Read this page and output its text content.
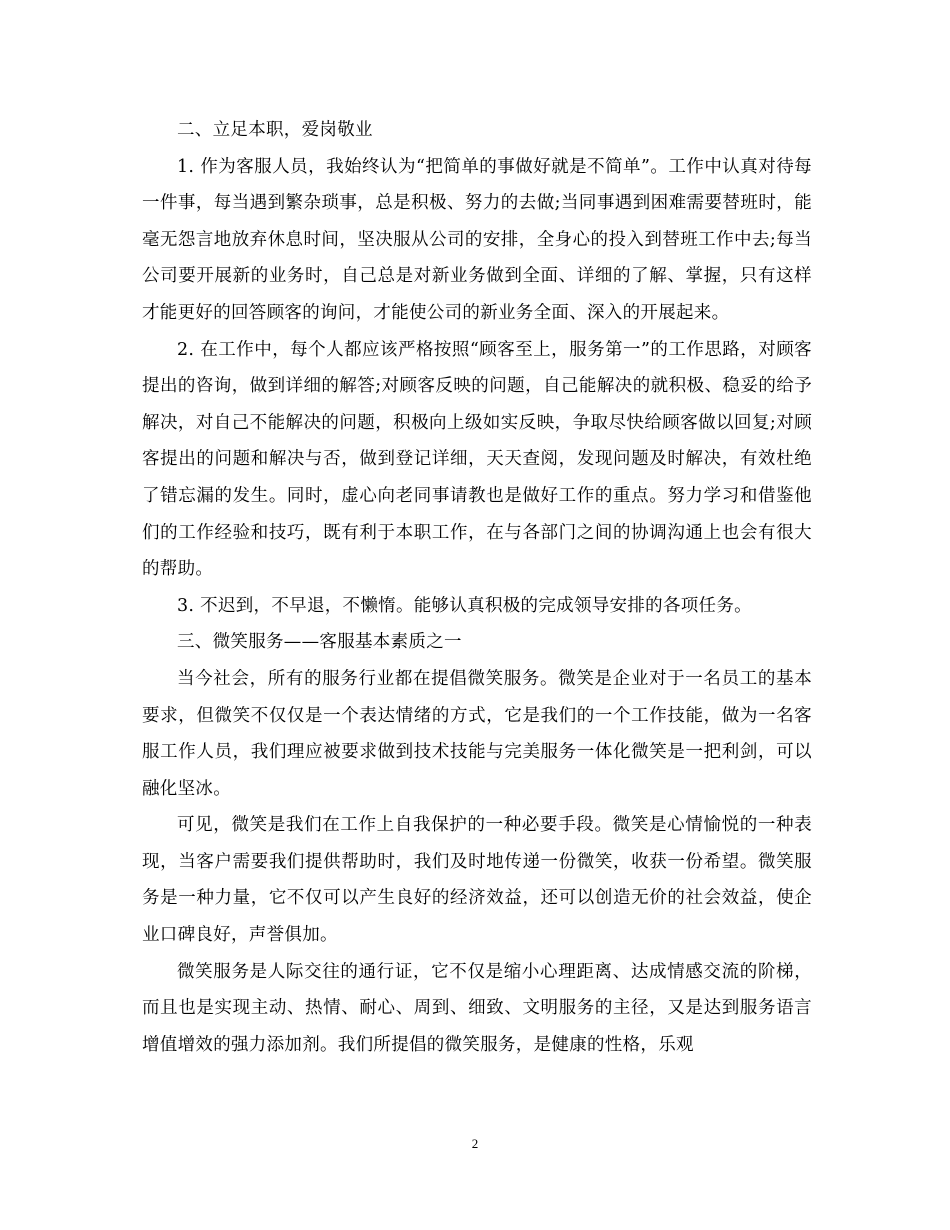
二、立足本职，爱岗敬业

1. 作为客服人员，我始终认为“把简单的事做好就是不简单”。工作中认真对待每一件事，每当遇到繁杂琐事，总是积极、努力的去做;当同事遇到困难需要替班时，能毫无怨言地放弃休息时间，坚决服从公司的安排，全身心的投入到替班工作中去;每当公司要开展新的业务时，自己总是对新业务做到全面、详细的了解、掌握，只有这样才能更好的回答顾客的询问，才能使公司的新业务全面、深入的开展起来。

2. 在工作中，每个人都应该严格按照“顾客至上，服务第一”的工作思路，对顾客提出的咨询，做到详细的解答;对顾客反映的问题，自己能解决的就积极、稳妥的给予解决，对自己不能解决的问题，积极向上级如实反映，争取尽快给顾客做以回复;对顾客提出的问题和解决与否，做到登记详细，天天查阅，发现问题及时解决，有效杜绝了错忘漏的发生。同时，虚心向老同事请教也是做好工作的重点。努力学习和借鉴他们的工作经验和技巧，既有利于本职工作，在与各部门之间的协调沟通上也会有很大的帮助。

3. 不迟到，不早退，不懒惰。能够认真积极的完成领导安排的各项任务。

三、微笑服务——客服基本素质之一

当今社会，所有的服务行业都在提倡微笑服务。微笑是企业对于一名员工的基本要求，但微笑不仅仅是一个表达情绪的方式，它是我们的一个工作技能，做为一名客服工作人员，我们理应被要求做到技术技能与完美服务一体化微笑是一把利剑，可以融化坚冰。

可见，微笑是我们在工作上自我保护的一种必要手段。微笑是心情愉悦的一种表现，当客户需要我们提供帮助时，我们及时地传递一份微笑，收获一份希望。微笑服务是一种力量，它不仅可以产生良好的经济效益，还可以创造无价的社会效益，使企业口碑良好，声誉俱加。

微笑服务是人际交往的通行证，它不仅是缩小心理距离、达成情感交流的阶梯，而且也是实现主动、热情、耐心、周到、细致、文明服务的主径，又是达到服务语言增值增效的强力添加剂。我们所提倡的微笑服务，是健康的性格，乐观

2
